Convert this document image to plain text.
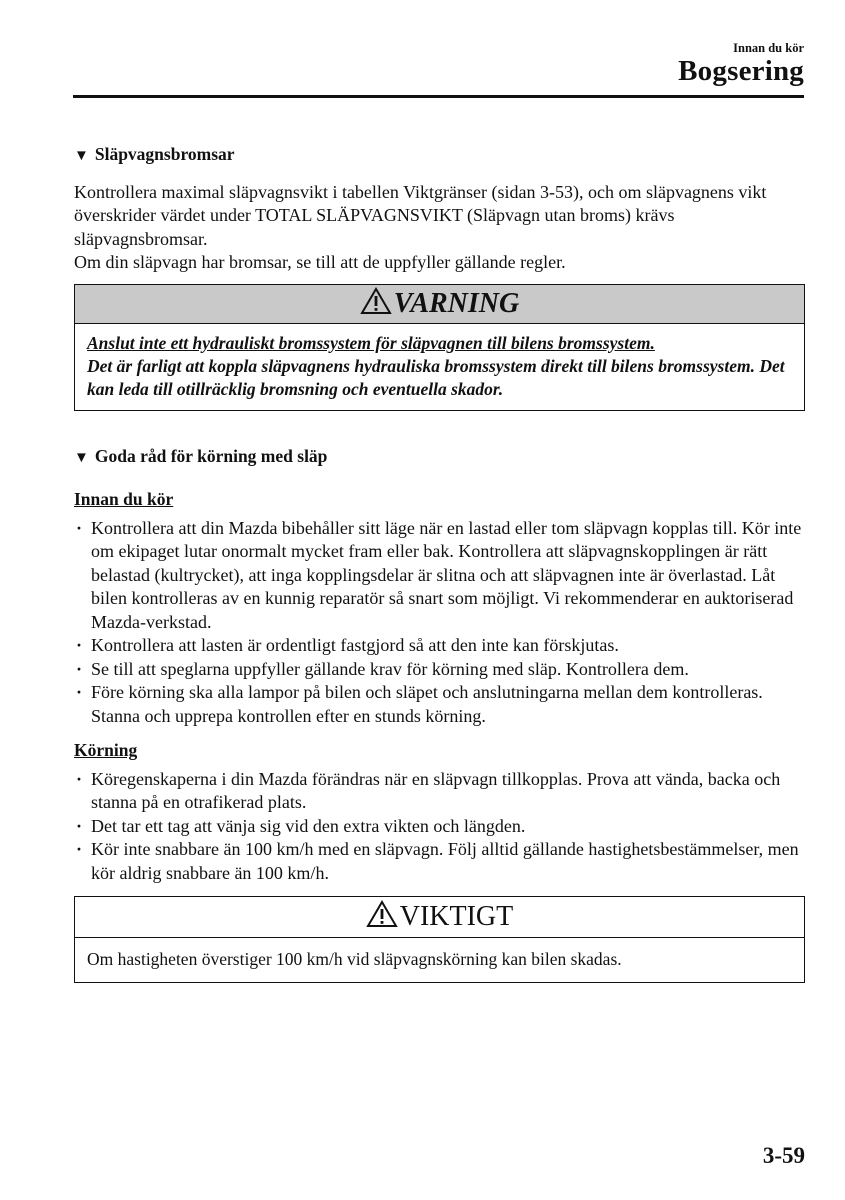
Innan du kör
Bogsering
▼ Släpvagnsbromsar

Kontrollera maximal släpvagnsvikt i tabellen Viktgränser (sidan 3-53), och om släpvagnens vikt överskrider värdet under TOTAL SLÄPVAGNSVIKT (Släpvagn utan broms) krävs släpvagnsbromsar.

Om din släpvagn har bromsar, se till att de uppfyller gällande regler.

VARNING
Anslut inte ett hydrauliskt bromssystem för släpvagnen till bilens bromssystem.
Det är farligt att koppla släpvagnens hydrauliska bromssystem direkt till bilens bromssystem. Det kan leda till otillräcklig bromsning och eventuella skador.
▼ Goda råd för körning med släp
Innan du kör
· Kontrollera att din Mazda bibehåller sitt läge när en lastad eller tom släpvagn kopplas till. Kör inte om ekipaget lutar onormalt mycket fram eller bak. Kontrollera att släpvagnskopplingen är rätt belastad (kultrycket), att inga kopplingsdelar är slitna och att släpvagnen inte är överlastad. Låt bilen kontrolleras av en kunnig reparatör så snart som möjligt. Vi rekommenderar en auktoriserad Mazda-verkstad.
· Kontrollera att lasten är ordentligt fastgjord så att den inte kan förskjutas.
· Se till att speglarna uppfyller gällande krav för körning med släp. Kontrollera dem.
· Före körning ska alla lampor på bilen och släpet och anslutningarna mellan dem kontrolleras. Stanna och upprepa kontrollen efter en stunds körning.
Körning
· Köregenskaperna i din Mazda förändras när en släpvagn tillkopplas. Prova att vända, backa och stanna på en otrafikerad plats.
· Det tar ett tag att vänja sig vid den extra vikten och längden.
· Kör inte snabbare än 100 km/h med en släpvagn. Följ alltid gällande hastighetsbestämmelser, men kör aldrig snabbare än 100 km/h.
VIKTIGT
Om hastigheten överstiger 100 km/h vid släpvagnskörning kan bilen skadas.
3-59
